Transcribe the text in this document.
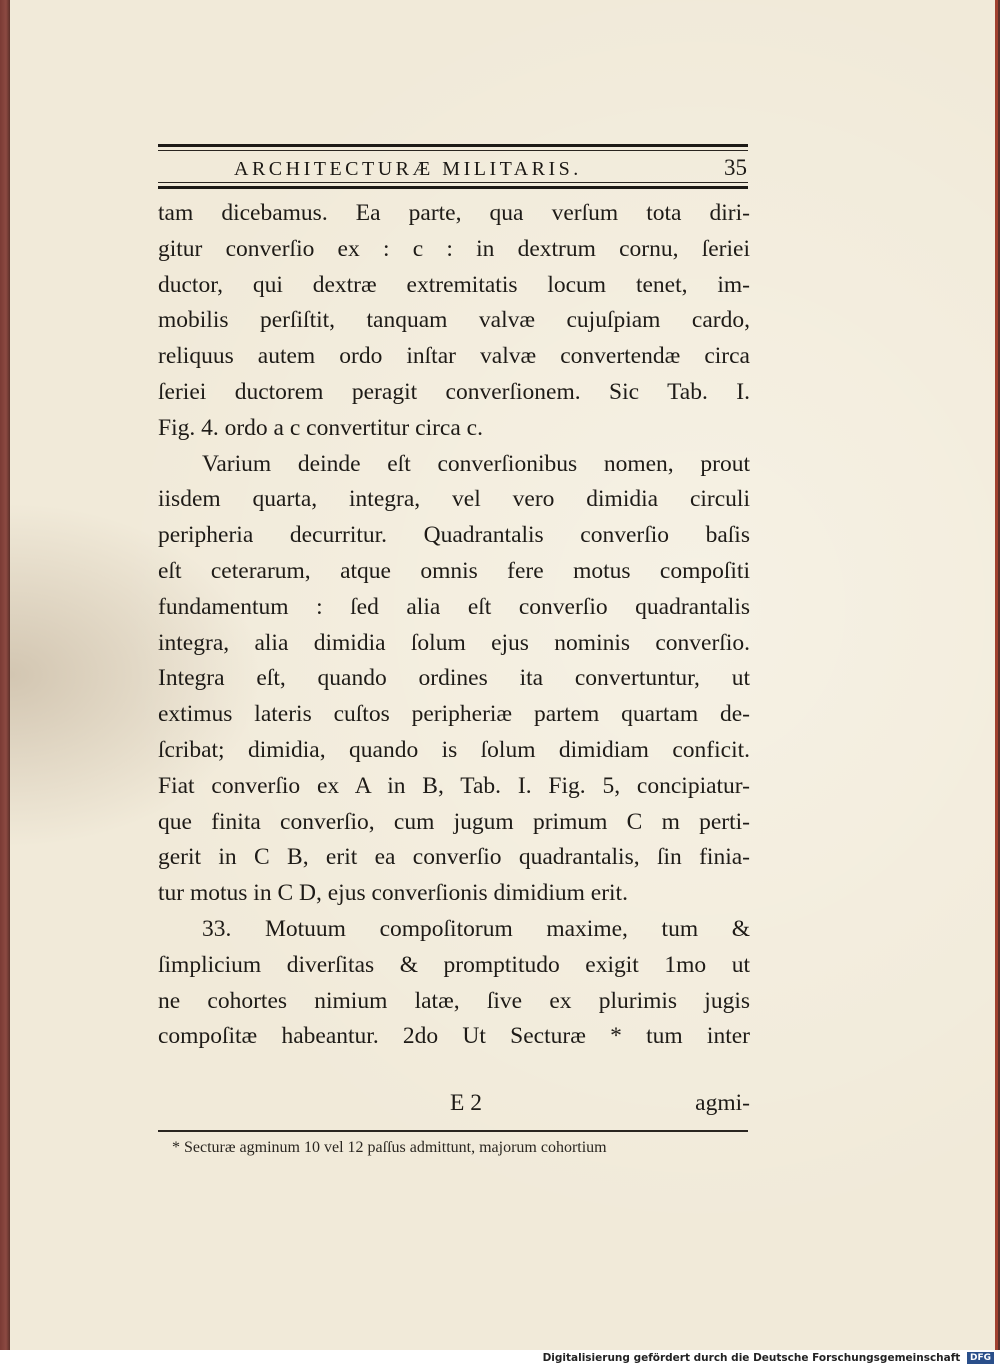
ARCHITECTURÆ MILITARIS.	35
tam dicebamus. Ea parte, qua verſum tota diri-
gitur converſio ex : c : in dextrum cornu, ſeriei
ductor, qui dextræ extremitatis locum tenet, im-
mobilis perſiſtit, tanquam valvæ cujuſpiam cardo,
reliquus autem ordo inſtar valvæ convertendæ circa
ſeriei ductorem peragit converſionem. Sic Tab. I.
Fig. 4. ordo a c convertitur circa c.
Varium deinde eſt converſionibus nomen, prout
iisdem quarta, integra, vel vero dimidia circuli
peripheria decurritur. Quadrantalis converſio baſis
eſt ceterarum, atque omnis fere motus compoſiti
fundamentum : ſed alia eſt converſio quadrantalis
integra, alia dimidia ſolum ejus nominis converſio.
Integra eſt, quando ordines ita convertuntur, ut
extimus lateris cuſtos peripheriæ partem quartam de-
ſcribat; dimidia, quando is ſolum dimidiam conficit.
Fiat converſio ex A in B, Tab. I. Fig. 5, concipiatur-
que finita converſio, cum jugum primum C m perti-
gerit in C B, erit ea converſio quadrantalis, ſin finia-
tur motus in C D, ejus converſionis dimidium erit.
33. Motuum compoſitorum maxime, tum &
ſimplicium diverſitas & promptitudo exigit 1mo ut
ne cohortes nimium latæ, ſive ex plurimis jugis
compoſitæ habeantur. 2do Ut Secturæ * tum inter
E 2	agmi-
* Secturæ agminum 10 vel 12 paſſus admittunt, majorum cohortium
Digitalisierung gefördert durch die Deutsche Forschungsgemeinschaft DFG
